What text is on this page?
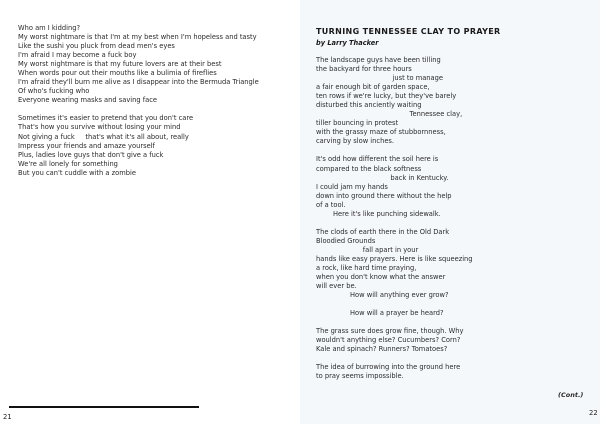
Who am I kidding?
My worst nightmare is that I'm at my best when I'm hopeless and tasty
Like the sushi you pluck from dead men's eyes
I'm afraid I may become a fuck boy
My worst nightmare is that my future lovers are at their best
When words pour out their mouths like a bulimia of fireflies
I'm afraid they'll burn me alive as I disappear into the Bermuda Triangle
Of who's fucking who
Everyone wearing masks and saving face
Sometimes it's easier to pretend that you don't care
That's how you survive without losing your mind
Not giving a fuck     that's what it's all about, really
Impress your friends and amaze yourself
Plus, ladies love guys that don't give a fuck
We're all lonely for something
But you can't cuddle with a zombie
21
TURNING TENNESSEE CLAY TO PRAYER
by Larry Thacker
The landscape guys have been tilling
the backyard for three hours
just to manage
a fair enough bit of garden space,
ten rows if we're lucky, but they've barely
disturbed this anciently waiting
Tennessee clay,
tiller bouncing in protest
with the grassy maze of stubbornness,
carving by slow inches.
It's odd how different the soil here is
compared to the black softness
back in Kentucky.
I could jam my hands
down into ground there without the help
of a tool.
Here it's like punching sidewalk.
The clods of earth there in the Old Dark
Bloodied Grounds
fall apart in your
hands like easy prayers. Here is like squeezing
a rock, like hard time praying,
when you don't know what the answer
will ever be.
How will anything ever grow?
How will a prayer be heard?
The grass sure does grow fine, though. Why
wouldn't anything else? Cucumbers? Corn?
Kale and spinach? Runners? Tomatoes?
The idea of burrowing into the ground here
to pray seems impossible.
(Cont.)
22
